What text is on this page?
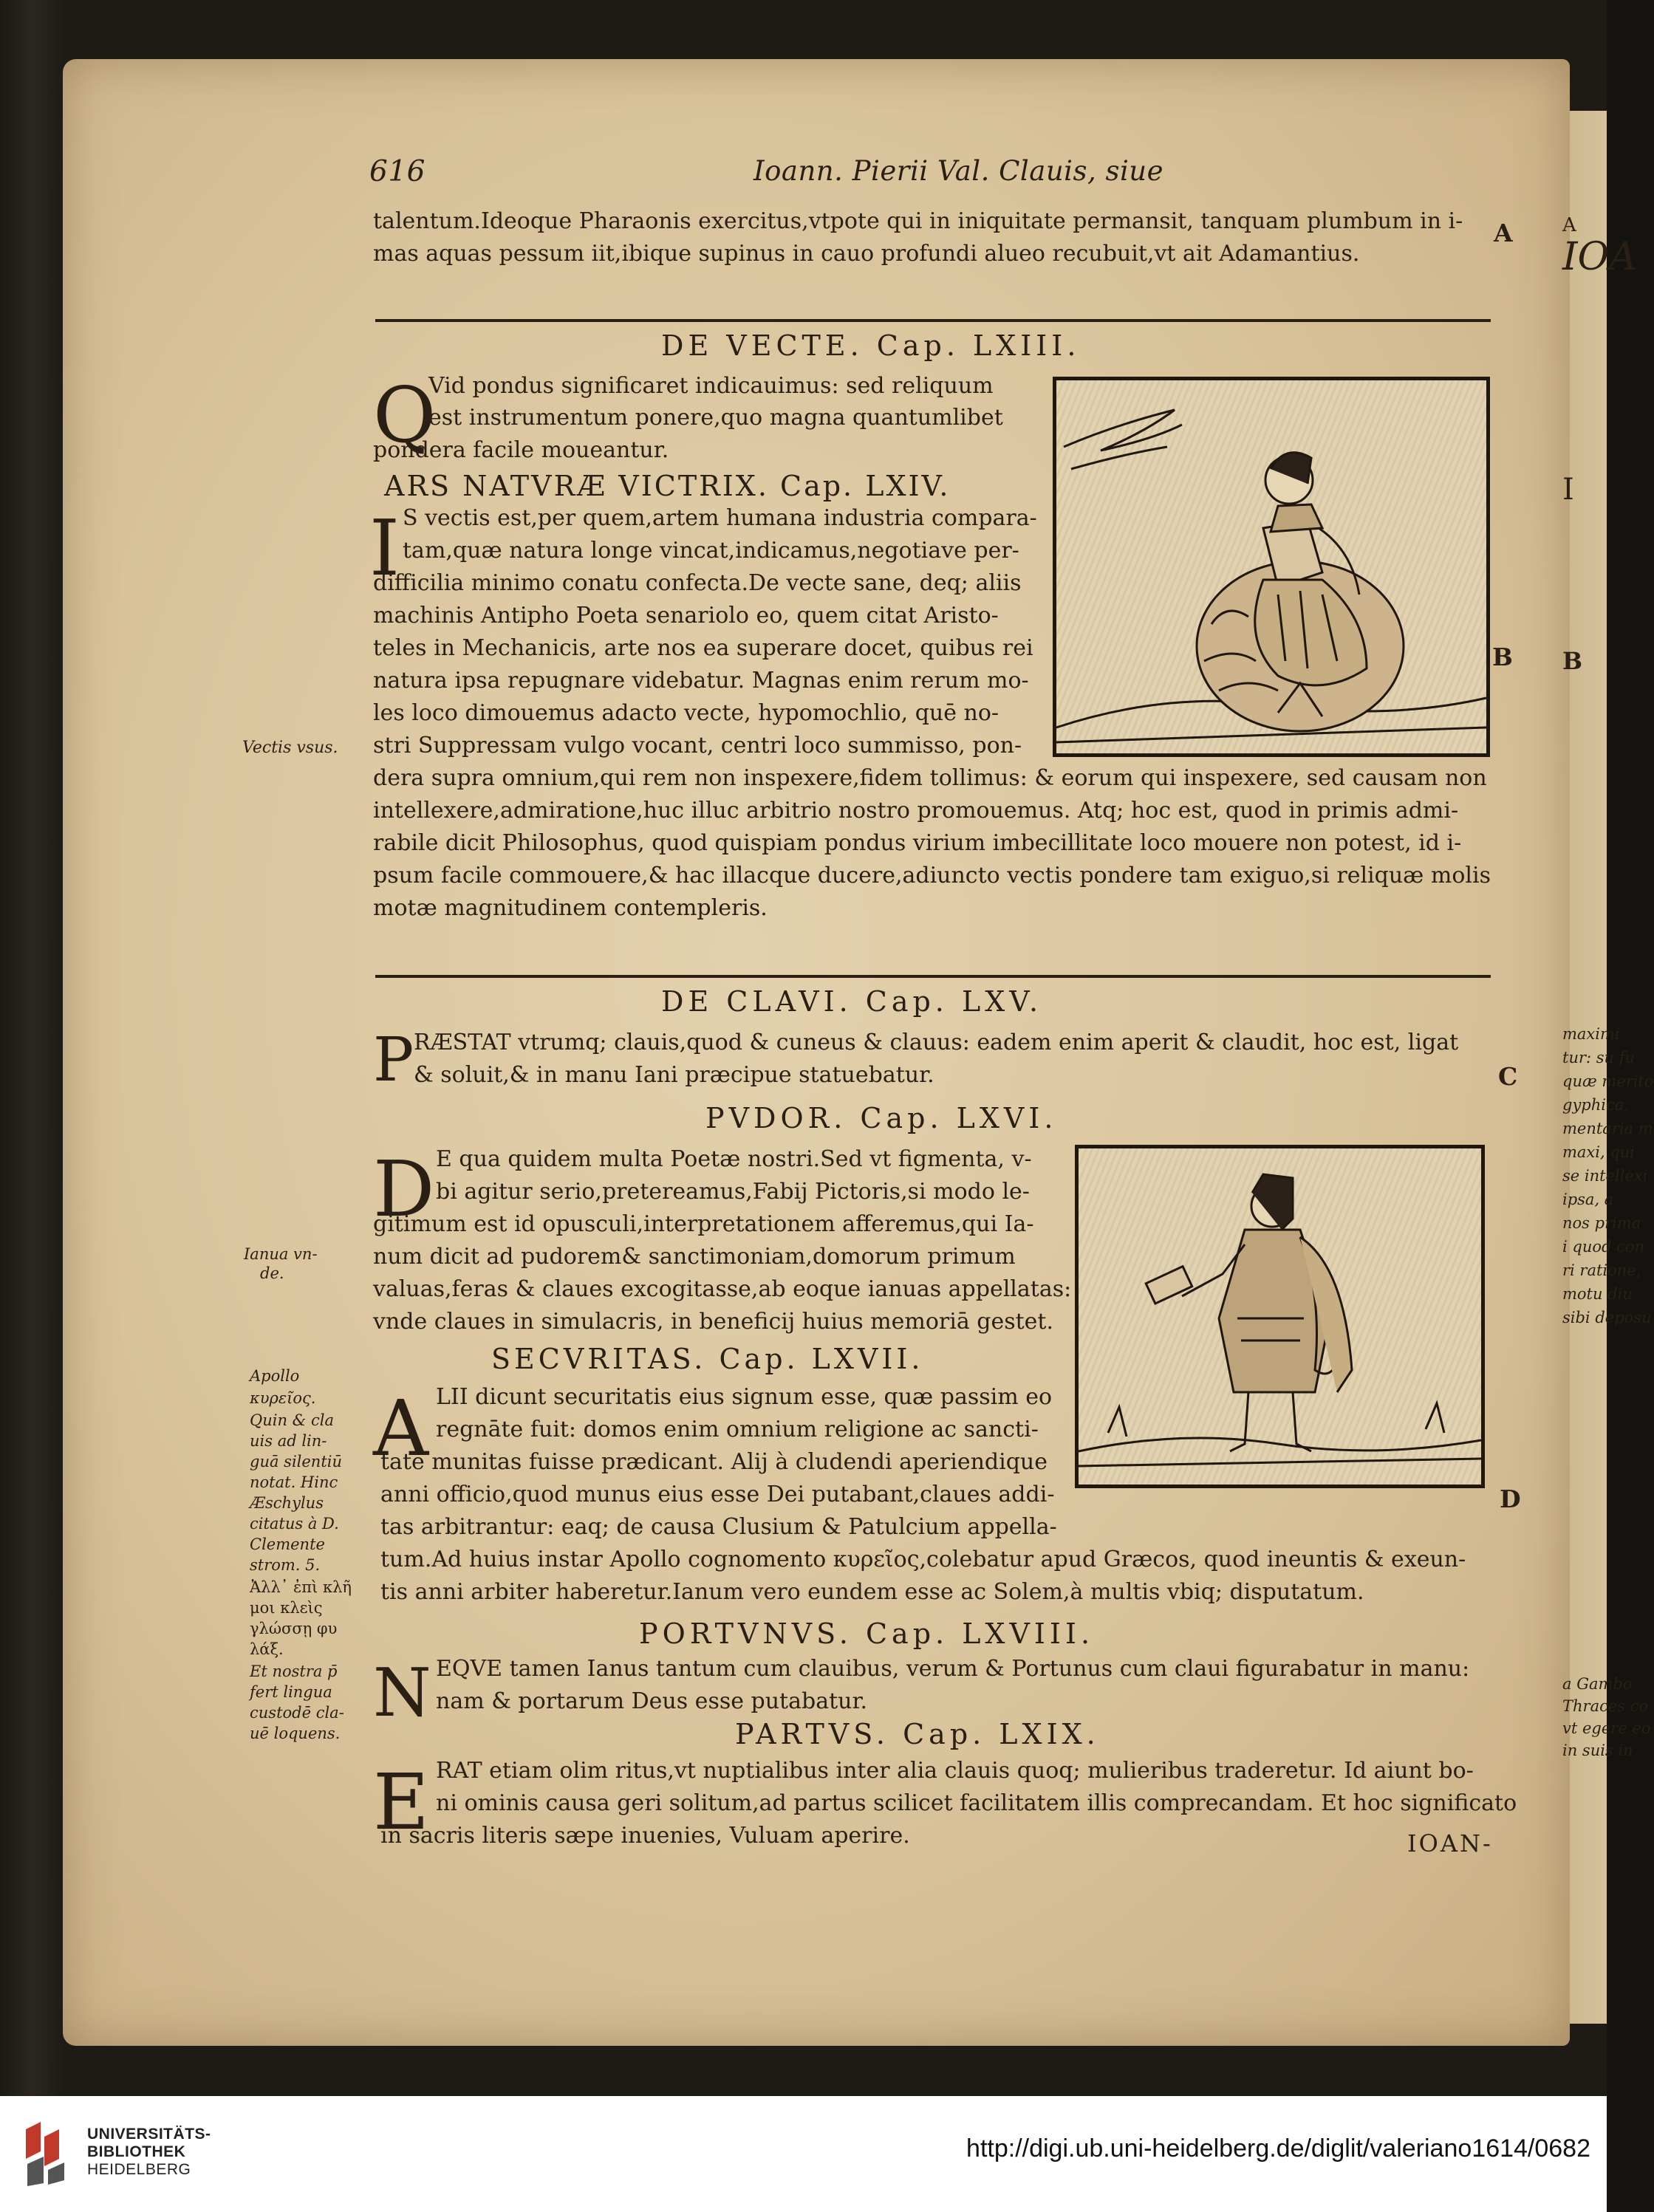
616	Ioann. Pierii Val. Clauis, siue
talentum.Ideoque Pharaonis exercitus,vtpote qui in iniquitate permansit, tanquam plumbum in i-
mas aquas pessum iit,ibique supinus in cauo profundi alueo recubuit,vt ait Adamantius.
DE VECTE. Cap. LXIII.
Q
Vid pondus significaret indicauimus: sed reliquum
est instrumentum ponere,quo magna quantumlibet
pondera facile moueantur.
ARS NATVRÆ VICTRIX. Cap. LXIV.
I S vectis est,per quem,artem humana industria compara-
tam,quæ natura longe vincat,indicamus,negotiave per-
difficilia minimo conatu confecta.De vecte sane, deq; aliis
machinis Antipho Poeta senariolo eo, quem citat Aristo-
teles in Mechanicis, arte nos ea superare docet, quibus rei
natura ipsa repugnare videbatur. Magnas enim rerum mo-
les loco dimouemus adacto vecte, hypomochlio, quē no-
stri Suppressam vulgo vocant, centri loco summisso, pon-
dera supra omnium,qui rem non inspexere,fidem tollimus: & eorum qui inspexere, sed causam non
intellexere,admiratione,huc illuc arbitrio nostro promouemus. Atq; hoc est, quod in primis admi-
rabile dicit Philosophus, quod quispiam pondus virium imbecillitate loco mouere non potest, id i-
psum facile commouere,& hac illacque ducere,adiuncto vectis pondere tam exiguo,si reliquæ molis
motæ magnitudinem contempleris.
A
B
Vectis vsus.
DE CLAVI. Cap. LXV.
P RÆSTAT vtrumq; clauis,quod & cuneus & clauus: eadem enim aperit & claudit, hoc est, ligat
& soluit,& in manu Iani præcipue statuebatur.	C
PVDOR. Cap. LXVI.
D E qua quidem multa Poetæ nostri.Sed vt figmenta, v-
bi agitur serio,pretereamus,Fabij Pictoris,si modo le-
gitimum est id opusculi,interpretationem afferemus,qui Ia-
num dicit ad pudorem& sanctimoniam,domorum primum
valuas,feras & claues excogitasse,ab eoque ianuas appellatas:
vnde claues in simulacris, in beneficij huius memoriā gestet.
SECVRITAS. Cap. LXVII.
A LII dicunt securitatis eius signum esse, quæ passim eo
regnāte fuit: domos enim omnium religione ac sancti-
tate munitas fuisse prædicant. Alij à cludendi aperiendique
anni officio,quod munus eius esse Dei putabant,claues addi-
tas arbitrantur: eaq; de causa Clusium & Patulcium appella-
tum.Ad huius instar Apollo cognomento κυρεῖος,colebatur apud Græcos, quod ineuntis & exeun-
tis anni arbiter haberetur.Ianum vero eundem esse ac Solem,à multis vbiq; disputatum.
D
PORTVNVS. Cap. LXVIII.
N EQVE tamen Ianus tantum cum clauibus, verum & Portunus cum claui figurabatur in manu:
nam & portarum Deus esse putabatur.
PARTVS. Cap. LXIX.
E RAT etiam olim ritus,vt nuptialibus inter alia clauis quoq; mulieribus traderetur. Id aiunt bo-
ni ominis causa geri solitum,ad partus scilicet facilitatem illis comprecandam. Et hoc significato
in sacris literis sæpe inuenies, Vuluam aperire.	IOAN-
Ianua vn-
de.
Apollo
κυρεῖος.
Quin & cla
uis ad lin-
guā silentiū
notat. Hinc
Æschylus
citatus à D.
Clemente
strom. 5.
Ἀλλ᾽ ἐπὶ κλῆ
μοι κλεὶς
γλώσσῃ φυ
λάξ.
Et nostra p̄
fert lingua
custodē cla-
uē loquens.
A
IOA
I
B
maximi
tur: su fu
quæ merito
gyphica,
mentaria m
maxi, qui
se intellexi
ipsa, a
nos prima
i quod con
ri ratione,
motu diu
sibi deposu
a Gambo
Thraces co
vt egere eo
in suis in
UNIVERSITÄTS-
BIBLIOTHEK
HEIDELBERG
http://digi.ub.uni-heidelberg.de/diglit/valeriano1614/0682
